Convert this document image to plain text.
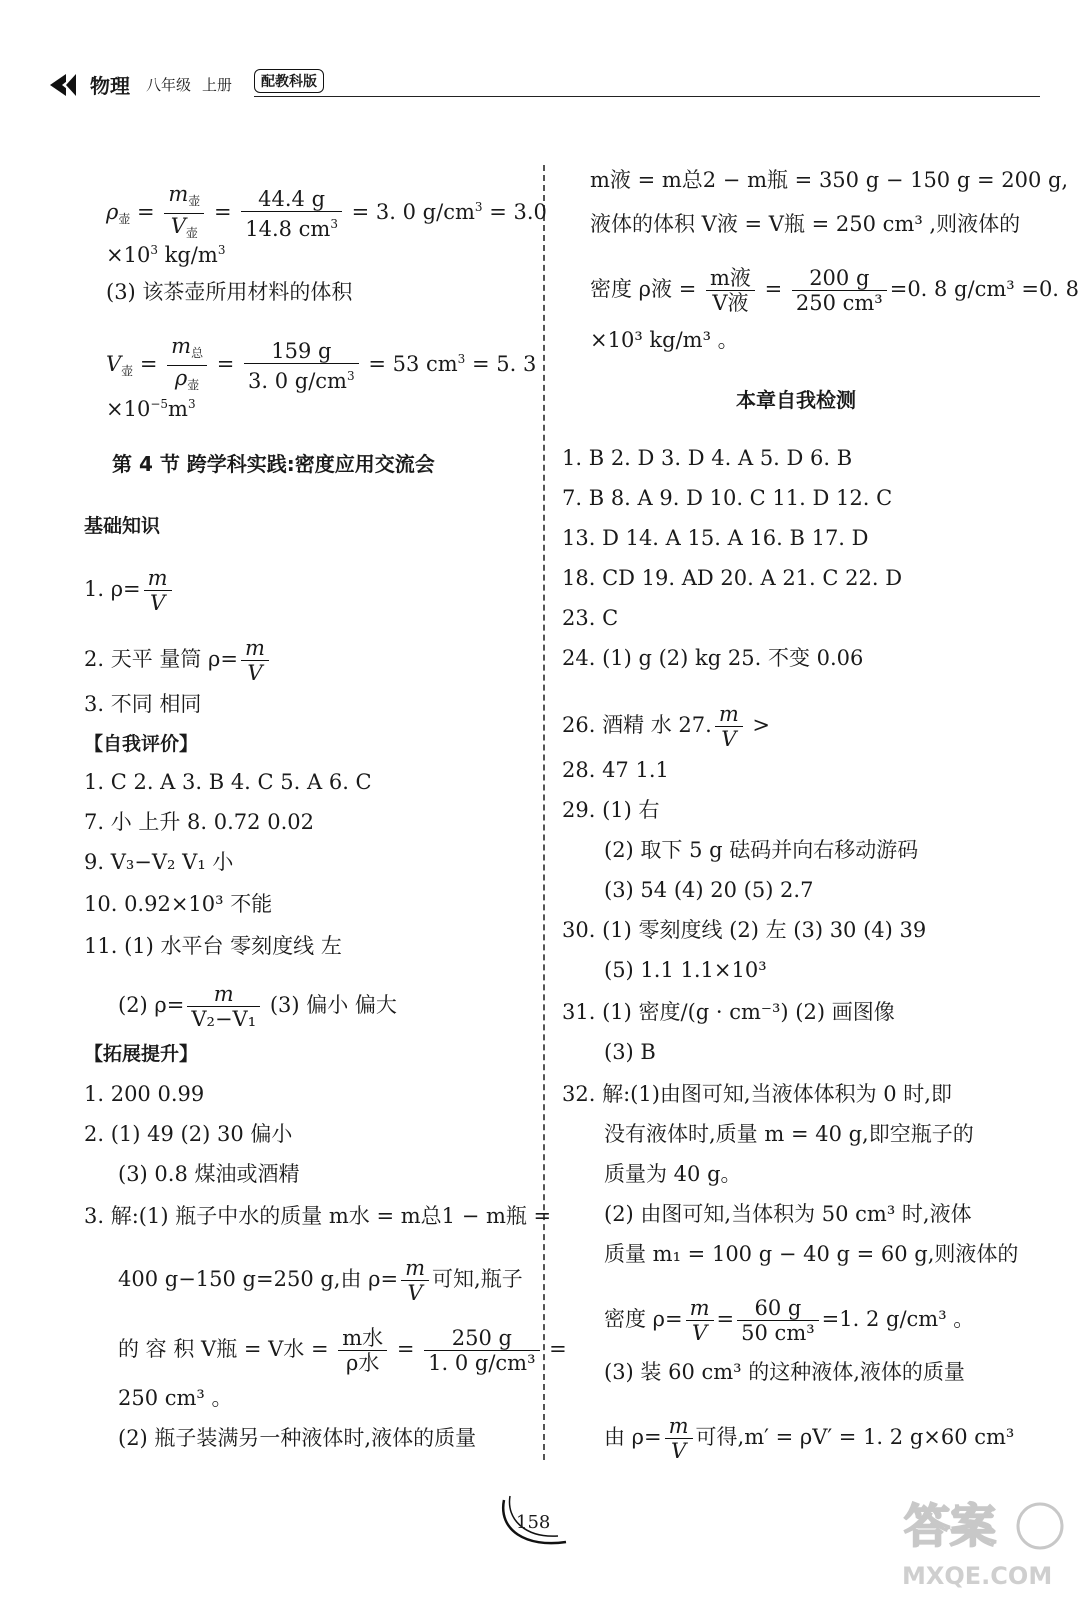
物理 八年级 上册	配教科版
$\rho_壶 = \frac{m_壶}{V_壶} = \frac{44.4 g}{14.8 cm^3} = 3$. 0 $g/cm^3 = 3.0$
$\times 10^3$ $kg/m^3$
(3) 该茶壶所用材料的体积
$V_壶 = \frac{m_总}{\rho_壶} = \frac{159 g}{3. 0 g/cm^3} = 53$ $cm^3 = 5$. 3
$\times 10^{-5}m^3$
第 4 节 跨学科实践:密度应用交流会
基础知识
1. $\rho= \frac{m}{V}$
2. 天平 量筒 $\rho= \frac{m}{V}$
3. 不同 相同
【自我评价】
1. C 2. A 3. B 4. C 5. A 6. C
7. 小 上升 8. 0.72 0.02
9. V₃−V₂ V₁ 小
10. 0.92×10³ 不能
11. (1) 水平台 零刻度线 左
(2) $\rho= \frac{m}{\text{V₂−V₁}} (3)$ 偏小 偏大
【拓展提升】
1. 200 0.99
2. (1) 49 (2) 30 偏小
(3) 0.8 煤油或酒精
3. 解:(1) 瓶子中水的质量 m水 = m总1 − m瓶 =
400 g−150 g=250 g,由 $\rho= \frac{m}{V}$ 可知,瓶子
的 容 积 V瓶 = V水 = $\frac{\text{m水}}{\text{ρ水}} = \frac{250 g}{\text{1. 0 g/cm³}}$ =
250 cm³ 。
(2) 瓶子装满另一种液体时,液体的质量
m液 = m总2 − m瓶 = 350 g − 150 g = 200 g,
液体的体积 V液 = V瓶 = 250 cm³ ,则液体的
密度 ρ液 = $\frac{\text{m液}}{\text{V液}} = \frac{200 g}{\text{250 cm³}} =0$. 8 g/cm³ =0. 8
×10³ kg/m³ 。
本章自我检测
1. B 2. D 3. D 4. A 5. D 6. B
7. B 8. A 9. D 10. C 11. D 12. C
13. D 14. A 15. A 16. B 17. D
18. CD 19. AD 20. A 21. C 22. D
23. C
24. (1) g (2) kg 25. 不变 0.06
26. 酒精 水 27. $\frac{m}{V}$ >
28. 47 1.1
29. (1) 右
(2) 取下 5 g 砝码并向右移动游码
(3) 54 (4) 20 (5) 2.7
30. (1) 零刻度线 (2) 左 (3) 30 (4) 39
(5) 1.1 1.1×10³
31. (1) 密度/(g · cm⁻³) (2) 画图像
(3) B
32. 解:(1)由图可知,当液体体积为 0 时,即
没有液体时,质量 m = 40 g,即空瓶子的
质量为 40 g。
(2) 由图可知,当体积为 50 cm³ 时,液体
质量 m₁ = 100 g − 40 g = 60 g,则液体的
密度 $\rho= \frac{m}{V} = \frac{60 g}{\text{50 cm³}} =1$. 2 g/cm³ 。
(3) 装 60 cm³ 的这种液体,液体的质量
由 $\rho= \frac{m}{V}$ 可得,m′ = ρV′ = 1. 2 g×60 cm³
158	答案
MXQE.COM
